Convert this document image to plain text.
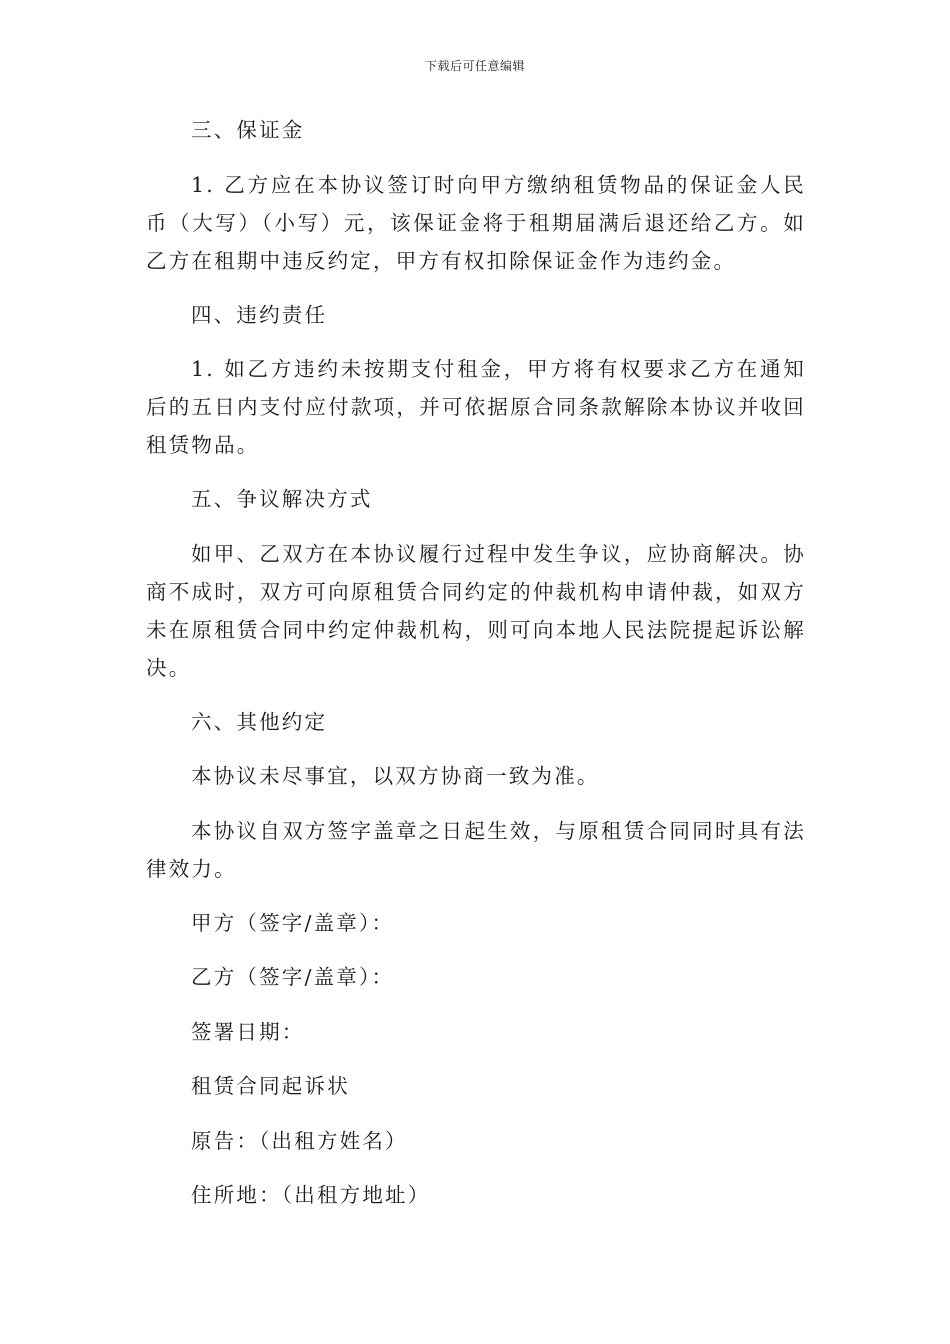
下载后可任意编辑
三、保证金
1. 乙方应在本协议签订时向甲方缴纳租赁物品的保证金人民币（大写）（小写）元，该保证金将于租期届满后退还给乙方。如乙方在租期中违反约定，甲方有权扣除保证金作为违约金。
四、违约责任
1. 如乙方违约未按期支付租金，甲方将有权要求乙方在通知后的五日内支付应付款项，并可依据原合同条款解除本协议并收回租赁物品。
五、争议解决方式
如甲、乙双方在本协议履行过程中发生争议，应协商解决。协商不成时，双方可向原租赁合同约定的仲裁机构申请仲裁，如双方未在原租赁合同中约定仲裁机构，则可向本地人民法院提起诉讼解决。
六、其他约定
本协议未尽事宜，以双方协商一致为准。
本协议自双方签字盖章之日起生效，与原租赁合同同时具有法律效力。
甲方（签字/盖章）：
乙方（签字/盖章）：
签署日期：
租赁合同起诉状
原告：（出租方姓名）
住所地：（出租方地址）
